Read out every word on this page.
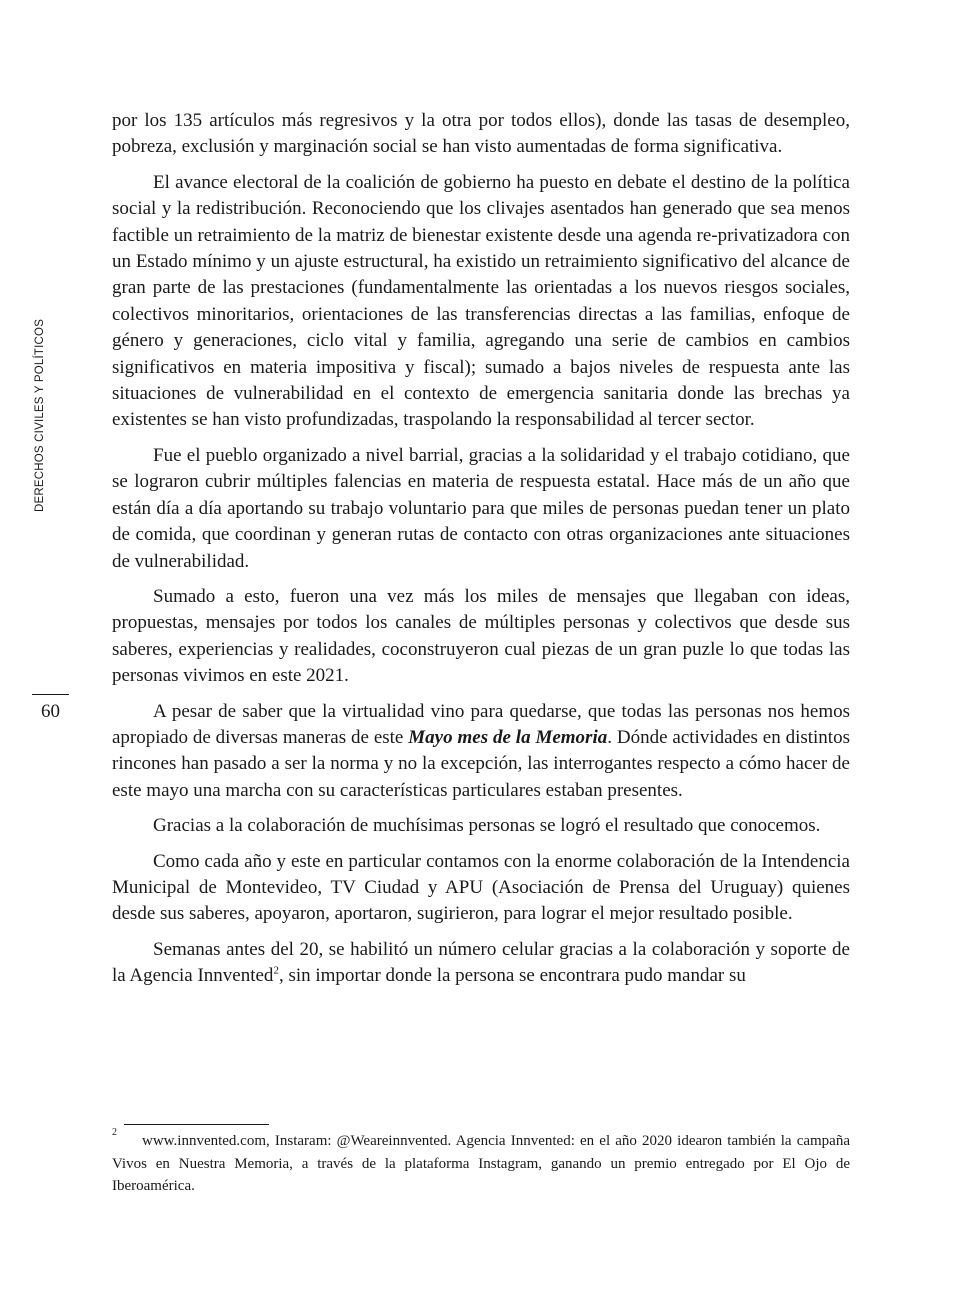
DERECHOS CIVILES Y POLÍTICOS
60

por los 135 artículos más regresivos y la otra por todos ellos), donde las tasas de desempleo, pobreza, exclusión y marginación social se han visto aumentadas de forma significativa.

El avance electoral de la coalición de gobierno ha puesto en debate el destino de la política social y la redistribución. Reconociendo que los clivajes asentados han generado que sea menos factible un retraimiento de la matriz de bienestar existente desde una agenda re-privatizadora con un Estado mínimo y un ajuste estructural, ha existido un retraimiento significativo del alcance de gran parte de las prestaciones (fundamentalmente las orientadas a los nuevos riesgos sociales, colectivos minoritarios, orientaciones de las transferencias directas a las familias, enfoque de género y generaciones, ciclo vital y familia, agregando una serie de cambios en cambios significativos en materia impositiva y fiscal); sumado a bajos niveles de respuesta ante las situaciones de vulnerabilidad en el contexto de emergencia sanitaria donde las brechas ya existentes se han visto profundizadas, traspolando la responsabilidad al tercer sector.

Fue el pueblo organizado a nivel barrial, gracias a la solidaridad y el trabajo cotidiano, que se lograron cubrir múltiples falencias en materia de respuesta estatal. Hace más de un año que están día a día aportando su trabajo voluntario para que miles de personas puedan tener un plato de comida, que coordinan y generan rutas de contacto con otras organizaciones ante situaciones de vulnerabilidad.

Sumado a esto, fueron una vez más los miles de mensajes que llegaban con ideas, propuestas, mensajes por todos los canales de múltiples personas y colectivos que desde sus saberes, experiencias y realidades, coconstruyeron cual piezas de un gran puzle lo que todas las personas vivimos en este 2021.

A pesar de saber que la virtualidad vino para quedarse, que todas las personas nos hemos apropiado de diversas maneras de este Mayo mes de la Memoria. Dónde actividades en distintos rincones han pasado a ser la norma y no la excepción, las interrogantes respecto a cómo hacer de este mayo una marcha con su características particulares estaban presentes.

Gracias a la colaboración de muchísimas personas se logró el resultado que conocemos.

Como cada año y este en particular contamos con la enorme colaboración de la Intendencia Municipal de Montevideo, TV Ciudad y APU (Asociación de Prensa del Uruguay) quienes desde sus saberes, apoyaron, aportaron, sugirieron, para lograr el mejor resultado posible.

Semanas antes del 20, se habilitó un número celular gracias a la colaboración y soporte de la Agencia Innvented$^2$, sin importar donde la persona se encontrara pudo mandar su

2
www.innvented.com, Instaram: @Weareinnvented. Agencia Innvented: en el año 2020 idearon también la campaña Vivos en Nuestra Memoria, a través de la plataforma Instagram, ganando un premio entregado por El Ojo de Iberoamérica.
